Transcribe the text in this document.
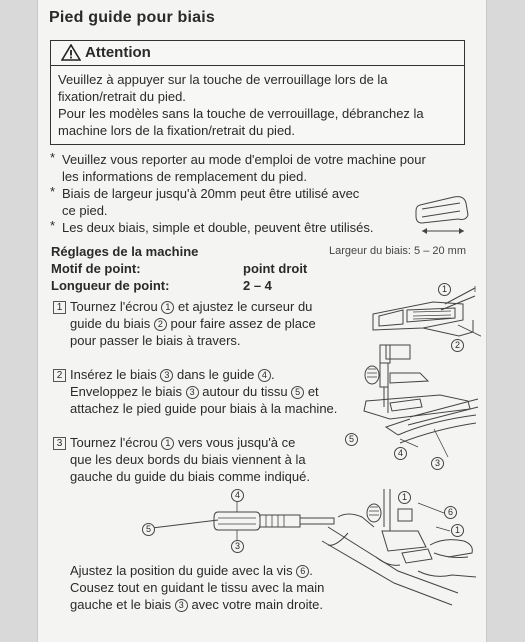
Pied guide pour biais
Attention
Veuillez à appuyer sur la touche de verrouillage lors de la
fixation/retrait du pied.
Pour les modèles sans la touche de verrouillage, débranchez la
machine lors de la fixation/retrait du pied.
* Veuillez vous reporter au mode d'emploi de votre machine pour
les informations de remplacement du pied.
* Biais de largeur jusqu'à 20mm peut être utilisé avec
ce pied.
* Les deux biais, simple et double, peuvent être utilisés.
Réglages de la machine	Largeur du biais: 5 – 20 mm
Motif de point:	point droit
Longueur de point:	2 – 4
1 Tournez l'écrou 1 et ajustez le curseur du
guide du biais 2 pour faire assez de place
pour passer le biais à travers.
1
2
2 Insérez le biais 3 dans le guide 4 .
Enveloppez le biais 3 autour du tissu 5 et
attachez le pied guide pour biais à la machine.
5
4
3
3 Tournez l'écrou 1 vers vous jusqu'à ce
que les deux bords du biais viennent à la
gauche du guide du biais comme indiqué.
4
5
3
1
6
1
Ajustez la position du guide avec la vis 6 .
Cousez tout en guidant le tissu avec la main
gauche et le biais 3 avec votre main droite.
